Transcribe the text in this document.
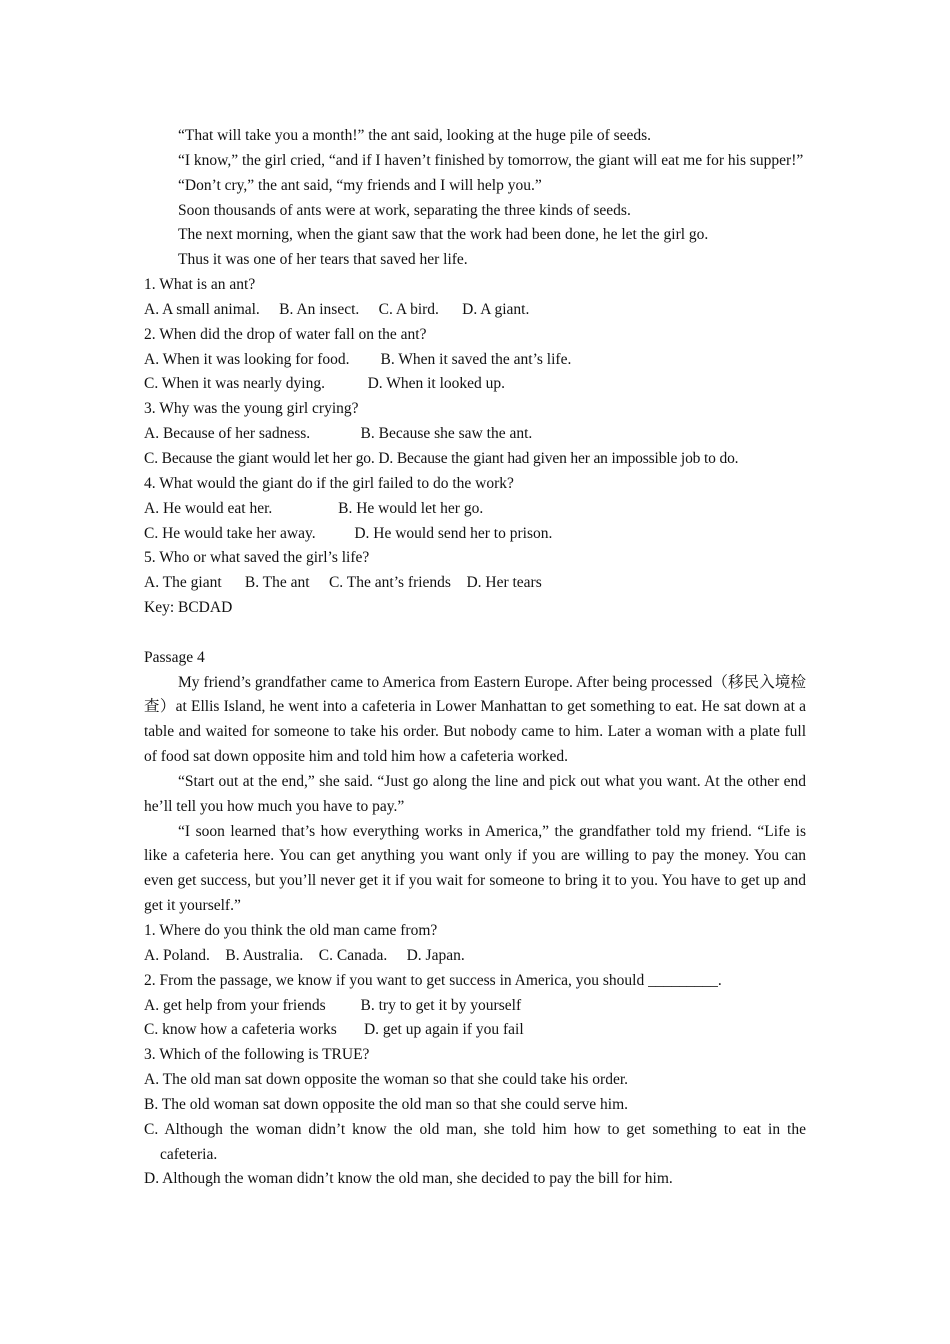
“That will take you a month!” the ant said, looking at the huge pile of seeds.

“I know,” the girl cried, “and if I haven’t finished by tomorrow, the giant will eat me for his supper!”

“Don’t cry,” the ant said, “my friends and I will help you.”

Soon thousands of ants were at work, separating the three kinds of seeds.

The next morning, when the giant saw that the work had been done, he let the girl go.

Thus it was one of her tears that saved her life.

1. What is an ant?

A. A small animal.     B. An insect.     C. A bird.      D. A giant.

2. When did the drop of water fall on the ant?

A. When it was looking for food.        B. When it saved the ant’s life.

C. When it was nearly dying.           D. When it looked up.

3. Why was the young girl crying?

A. Because of her sadness.             B. Because she saw the ant.

C. Because the giant would let her go. D. Because the giant had given her an impossible job to do.

4. What would the giant do if the girl failed to do the work?

A. He would eat her.                 B. He would let her go.

C. He would take her away.          D. He would send her to prison.

5. Who or what saved the girl’s life?

A. The giant      B. The ant     C. The ant’s friends    D. Her tears

Key: BCDAD

Passage 4

My friend’s grandfather came to America from Eastern Europe. After being processed（移民入境检查）at Ellis Island, he went into a cafeteria in Lower Manhattan to get something to eat. He sat down at a table and waited for someone to take his order. But nobody came to him. Later a woman with a plate full of food sat down opposite him and told him how a cafeteria worked.

“Start out at the end,” she said. “Just go along the line and pick out what you want. At the other end he’ll tell you how much you have to pay.”

“I soon learned that’s how everything works in America,” the grandfather told my friend. “Life is like a cafeteria here. You can get anything you want only if you are willing to pay the money. You can even get success, but you’ll never get it if you wait for someone to bring it to you. You have to get up and get it yourself.”

1. Where do you think the old man came from?

A. Poland.    B. Australia.    C. Canada.     D. Japan.

2. From the passage, we know if you want to get success in America, you should _________.

A. get help from your friends         B. try to get it by yourself

C. know how a cafeteria works       D. get up again if you fail

3. Which of the following is TRUE?

A. The old man sat down opposite the woman so that she could take his order.

B. The old woman sat down opposite the old man so that she could serve him.

C. Although the woman didn’t know the old man, she told him how to get something to eat in the cafeteria.

D. Although the woman didn’t know the old man, she decided to pay the bill for him.
